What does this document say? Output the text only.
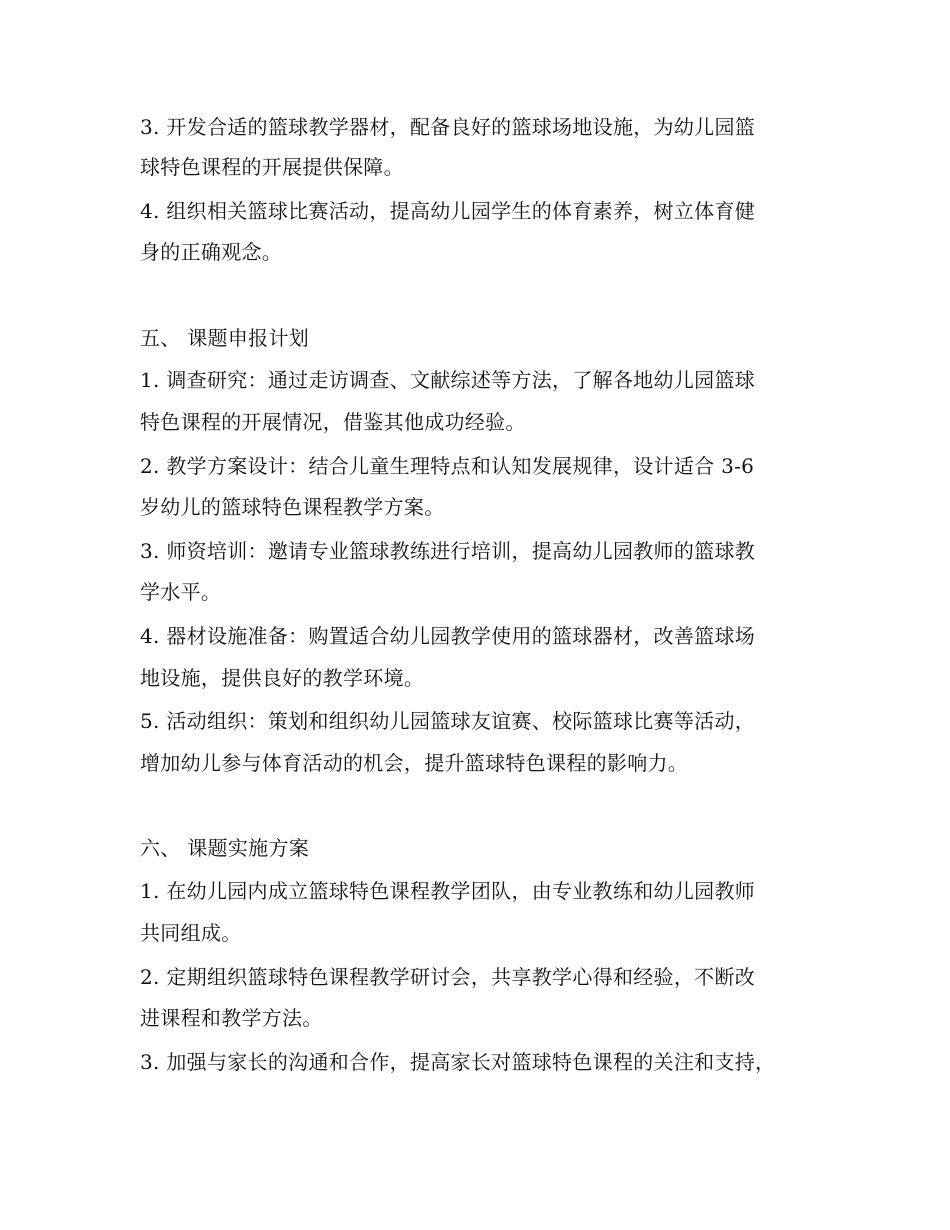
3. 开发合适的篮球教学器材，配备良好的篮球场地设施，为幼儿园篮
球特色课程的开展提供保障。
4. 组织相关篮球比赛活动，提高幼儿园学生的体育素养，树立体育健
身的正确观念。
五、 课题申报计划
1. 调查研究：通过走访调查、文献综述等方法，了解各地幼儿园篮球
特色课程的开展情况，借鉴其他成功经验。
2. 教学方案设计：结合儿童生理特点和认知发展规律，设计适合 3-6
岁幼儿的篮球特色课程教学方案。
3. 师资培训：邀请专业篮球教练进行培训，提高幼儿园教师的篮球教
学水平。
4. 器材设施准备：购置适合幼儿园教学使用的篮球器材，改善篮球场
地设施，提供良好的教学环境。
5. 活动组织：策划和组织幼儿园篮球友谊赛、校际篮球比赛等活动，
增加幼儿参与体育活动的机会，提升篮球特色课程的影响力。
六、 课题实施方案
1. 在幼儿园内成立篮球特色课程教学团队，由专业教练和幼儿园教师
共同组成。
2. 定期组织篮球特色课程教学研讨会，共享教学心得和经验，不断改
进课程和教学方法。
3. 加强与家长的沟通和合作，提高家长对篮球特色课程的关注和支持，
